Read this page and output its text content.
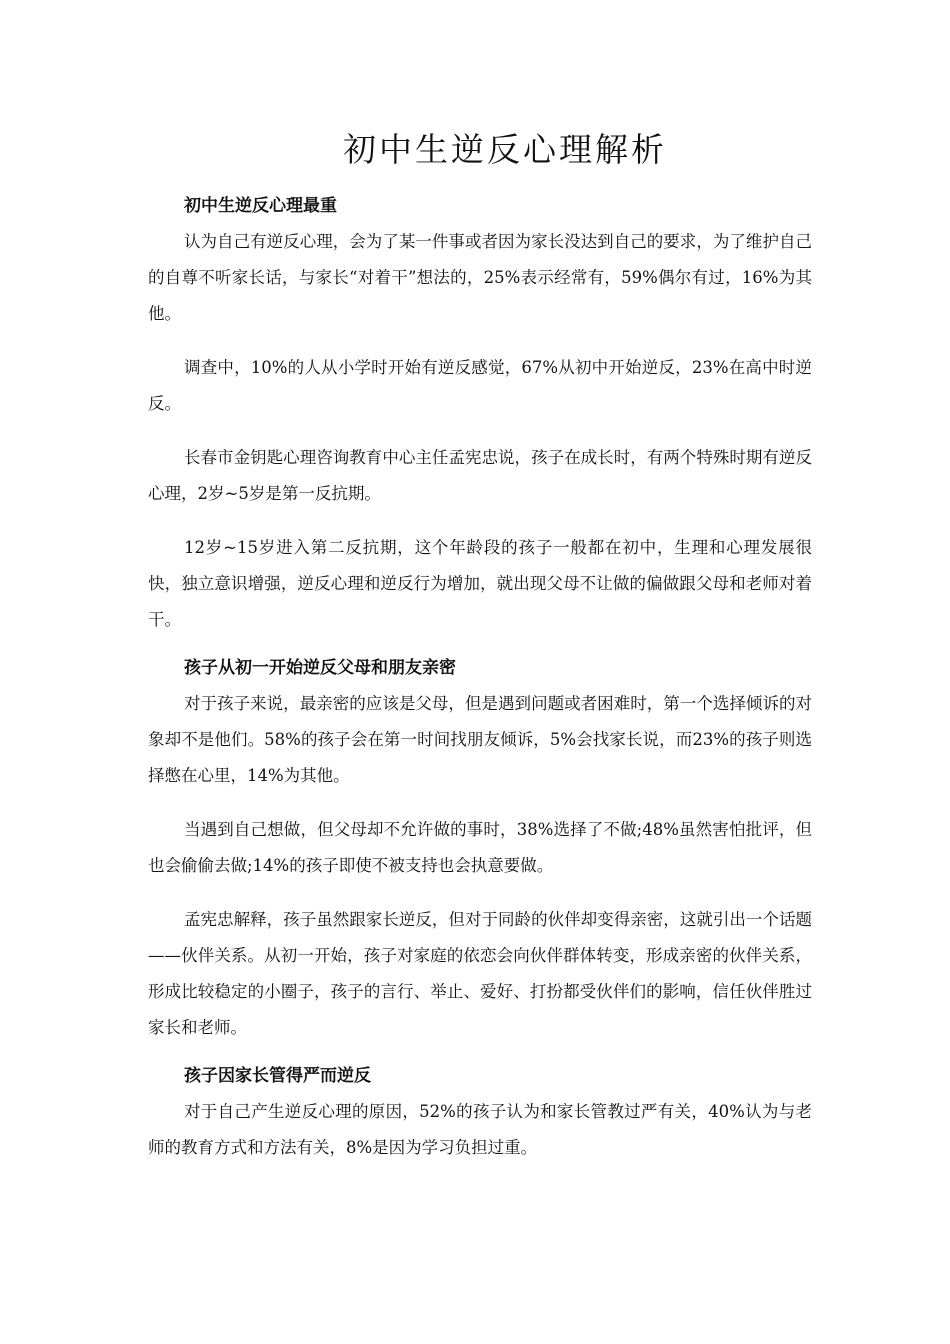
初中生逆反心理解析
初中生逆反心理最重

认为自己有逆反心理，会为了某一件事或者因为家长没达到自己的要求，为了维护自己的自尊不听家长话，与家长“对着干”想法的，25%表示经常有，59%偶尔有过，16%为其他。

调查中，10%的人从小学时开始有逆反感觉，67%从初中开始逆反，23%在高中时逆反。

长春市金钥匙心理咨询教育中心主任孟宪忠说，孩子在成长时，有两个特殊时期有逆反心理，2岁~5岁是第一反抗期。

12岁~15岁进入第二反抗期，这个年龄段的孩子一般都在初中，生理和心理发展很快，独立意识增强，逆反心理和逆反行为增加，就出现父母不让做的偏做跟父母和老师对着干。

孩子从初一开始逆反父母和朋友亲密

对于孩子来说，最亲密的应该是父母，但是遇到问题或者困难时，第一个选择倾诉的对象却不是他们。58%的孩子会在第一时间找朋友倾诉，5%会找家长说，而23%的孩子则选择憋在心里，14%为其他。

当遇到自己想做，但父母却不允许做的事时，38%选择了不做;48%虽然害怕批评，但也会偷偷去做;14%的孩子即使不被支持也会执意要做。

孟宪忠解释，孩子虽然跟家长逆反，但对于同龄的伙伴却变得亲密，这就引出一个话题——伙伴关系。从初一开始，孩子对家庭的依恋会向伙伴群体转变，形成亲密的伙伴关系，形成比较稳定的小圈子，孩子的言行、举止、爱好、打扮都受伙伴们的影响，信任伙伴胜过家长和老师。

孩子因家长管得严而逆反

对于自己产生逆反心理的原因，52%的孩子认为和家长管教过严有关，40%认为与老师的教育方式和方法有关，8%是因为学习负担过重。
